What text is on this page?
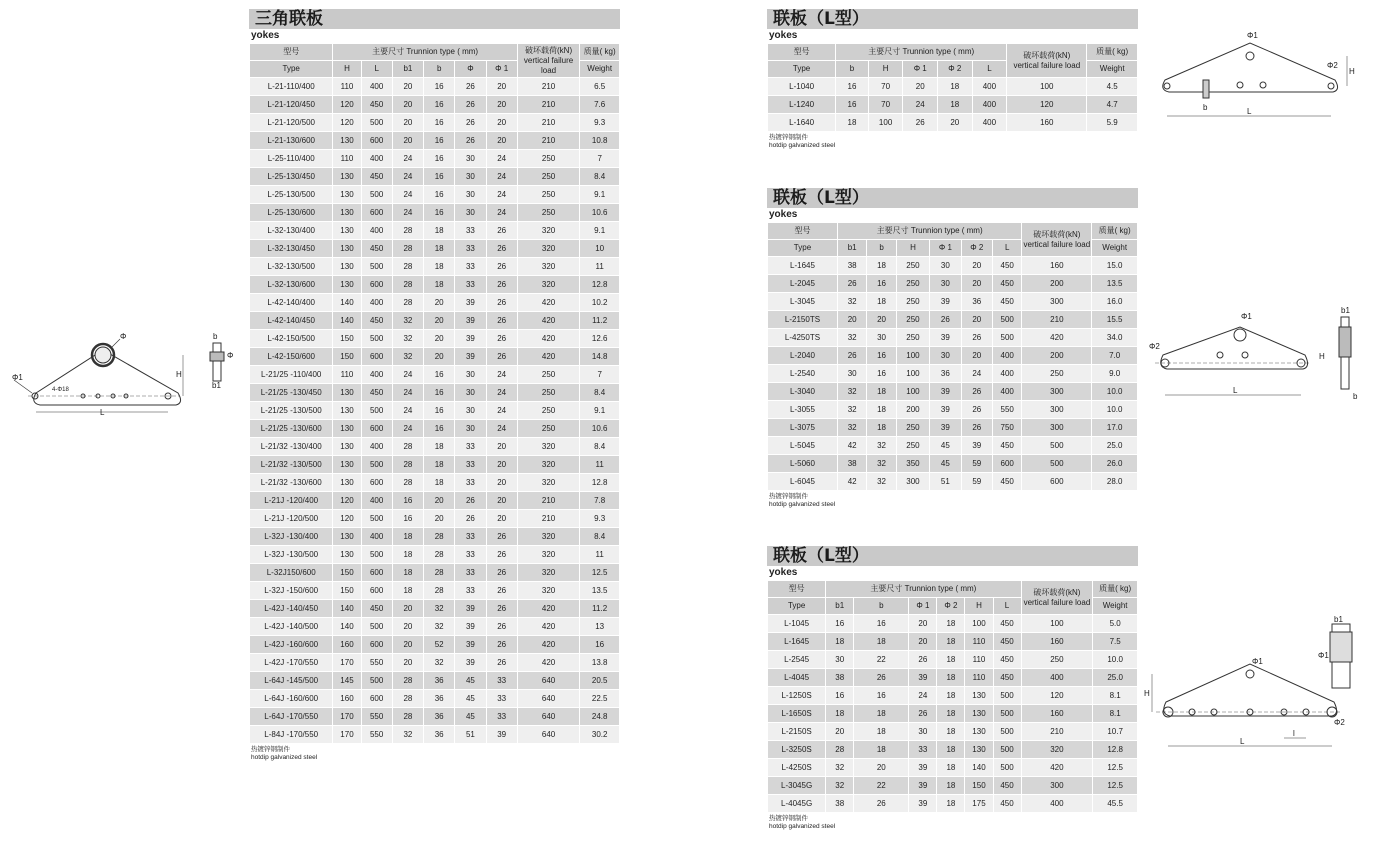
三角联板
yokes
型号	主要尺寸 Trunnion type ( mm)						破坏载荷(kN)
vertical failure load	质量( kg)
Type	H	L	b1	b	Φ	Φ 1		Weight
L-21-110/400	110	400	20	16	26	20	210	6.5
L-21-120/450	120	450	20	16	26	20	210	7.6
L-21-120/500	120	500	20	16	26	20	210	9.3
L-21-130/600	130	600	20	16	26	20	210	10.8
L-25-110/400	110	400	24	16	30	24	250	7
L-25-130/450	130	450	24	16	30	24	250	8.4
L-25-130/500	130	500	24	16	30	24	250	9.1
L-25-130/600	130	600	24	16	30	24	250	10.6
L-32-130/400	130	400	28	18	33	26	320	9.1
L-32-130/450	130	450	28	18	33	26	320	10
L-32-130/500	130	500	28	18	33	26	320	11
L-32-130/600	130	600	28	18	33	26	320	12.8
L-42-140/400	140	400	28	20	39	26	420	10.2
L-42-140/450	140	450	32	20	39	26	420	11.2
L-42-150/500	150	500	32	20	39	26	420	12.6
L-42-150/600	150	600	32	20	39	26	420	14.8
L-21/25 -110/400	110	400	24	16	30	24	250	7
L-21/25 -130/450	130	450	24	16	30	24	250	8.4
L-21/25 -130/500	130	500	24	16	30	24	250	9.1
L-21/25 -130/600	130	600	24	16	30	24	250	10.6
L-21/32 -130/400	130	400	28	18	33	20	320	8.4
L-21/32 -130/500	130	500	28	18	33	20	320	11
L-21/32 -130/600	130	600	28	18	33	20	320	12.8
L-21J -120/400	120	400	16	20	26	20	210	7.8
L-21J -120/500	120	500	16	20	26	20	210	9.3
L-32J -130/400	130	400	18	28	33	26	320	8.4
L-32J -130/500	130	500	18	28	33	26	320	11
L-32J150/600	150	600	18	28	33	26	320	12.5
L-32J -150/600	150	600	18	28	33	26	320	13.5
L-42J -140/450	140	450	20	32	39	26	420	11.2
L-42J -140/500	140	500	20	32	39	26	420	13
L-42J -160/600	160	600	20	52	39	26	420	16
L-42J -170/550	170	550	20	32	39	26	420	13.8
L-64J -145/500	145	500	28	36	45	33	640	20.5
L-64J -160/600	160	600	28	36	45	33	640	22.5
L-64J -170/550	170	550	28	36	45	33	640	24.8
L-84J -170/550	170	550	32	36	51	39	640	30.2
热镀锌钢制件
hotdip galvanized steel
Φ
Φ1
4-Φ18
L
H
b
b1
Φ
联板（L型）
yokes
型号	主要尺寸 Trunnion type ( mm)					破坏载荷(kN)
vertical failure load	质量( kg)
Type	b	H	Φ 1	Φ 2	L		Weight
L-1040	16	70	20	18	400	100	4.5
L-1240	16	70	24	18	400	120	4.7
L-1640	18	100	26	20	400	160	5.9
热镀锌钢制件
hotdip galvanized steel
Φ1
Φ2
H
b	L
联板（L型）
yokes
型号	主要尺寸 Trunnion type ( mm)						破坏载荷(kN)
vertical failure load	质量( kg)
Type	b1	b	H	Φ 1	Φ 2	L		Weight
L-1645	38	18	250	30	20	450	160	15.0
L-2045	26	16	250	30	20	450	200	13.5
L-3045	32	18	250	39	36	450	300	16.0
L-2150TS	20	20	250	26	20	500	210	15.5
L-4250TS	32	30	250	39	26	500	420	34.0
L-2040	26	16	100	30	20	400	200	7.0
L-2540	30	16	100	36	24	400	250	9.0
L-3040	32	18	100	39	26	400	300	10.0
L-3055	32	18	200	39	26	550	300	10.0
L-3075	32	18	250	39	26	750	300	17.0
L-5045	42	32	250	45	39	450	500	25.0
L-5060	38	32	350	45	59	600	500	26.0
L-6045	42	32	300	51	59	450	600	28.0
热镀锌钢制件
hotdip galvanized steel
Φ1
Φ2
H
L
b1
b
联板（L型）
yokes
型号	主要尺寸 Trunnion type ( mm)						破坏载荷(kN)
vertical failure load	质量( kg)
Type	b1	b	Φ 1	Φ 2	H	L		Weight
L-1045	16	16	20	18	100	450	100	5.0
L-1645	18	18	20	18	110	450	160	7.5
L-2545	30	22	26	18	110	450	250	10.0
L-4045	38	26	39	18	110	450	400	25.0
L-1250S	16	16	24	18	130	500	120	8.1
L-1650S	18	18	26	18	130	500	160	8.1
L-2150S	20	18	30	18	130	500	210	10.7
L-3250S	28	18	33	18	130	500	320	12.8
L-4250S	32	20	39	18	140	500	420	12.5
L-3045G	32	22	39	18	150	450	300	12.5
L-4045G	38	26	39	18	175	450	400	45.5
热镀锌钢制件
hotdip galvanized steel
Φ1
Φ2
H
L
l
b1
Φ1
